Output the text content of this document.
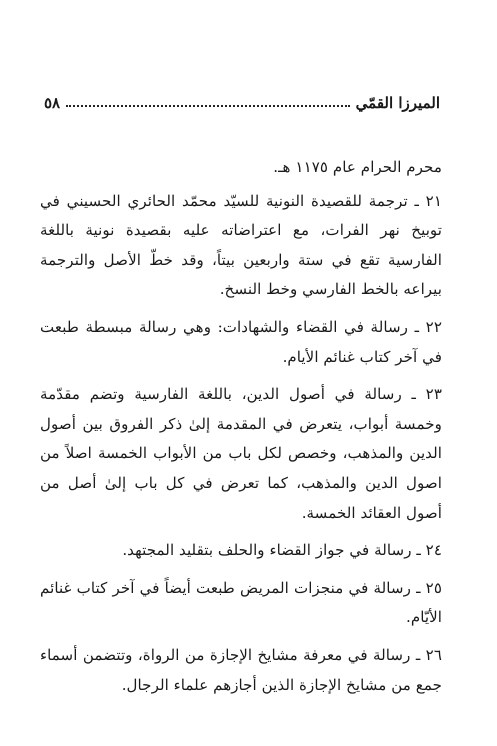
الميرزا القمّي
٥٨

محرم الحرام عام ١١٧٥ هـ.

٢١ ـ ترجمة للقصيدة النونية للسيّد محمّد الحائري الحسيني في توبيخ نهر الفرات، مع اعتراضاته عليه بقصيدة نونية باللغة الفارسية تقع في ستة واربعين بيتاً، وقد خطّ الأصل والترجمة بيراعه بالخط الفارسي وخط النسخ.

٢٢ ـ رسالة في القضاء والشهادات: وهي رسالة مبسطة طبعت في آخر كتاب غنائم الأيام.

٢٣ ـ رسالة في أصول الدين، باللغة الفارسية وتضم مقدّمة وخمسة أبواب، يتعرض في المقدمة إلىٰ ذكر الفروق بين أصول الدين والمذهب، وخصص لكل باب من الأبواب الخمسة اصلاً من اصول الدين والمذهب، كما تعرض في كل باب إلىٰ أصل من أصول العقائد الخمسة.

٢٤ ـ رسالة في جواز القضاء والحلف بتقليد المجتهد.

٢٥ ـ رسالة في منجزات المريض طبعت أيضاً في آخر كتاب غنائم الأيّام.

٢٦ ـ رسالة في معرفة مشايخ الإجازة من الرواة، وتتضمن أسماء جمع من مشايخ الإجازة الذين أجازهم علماء الرجال.
